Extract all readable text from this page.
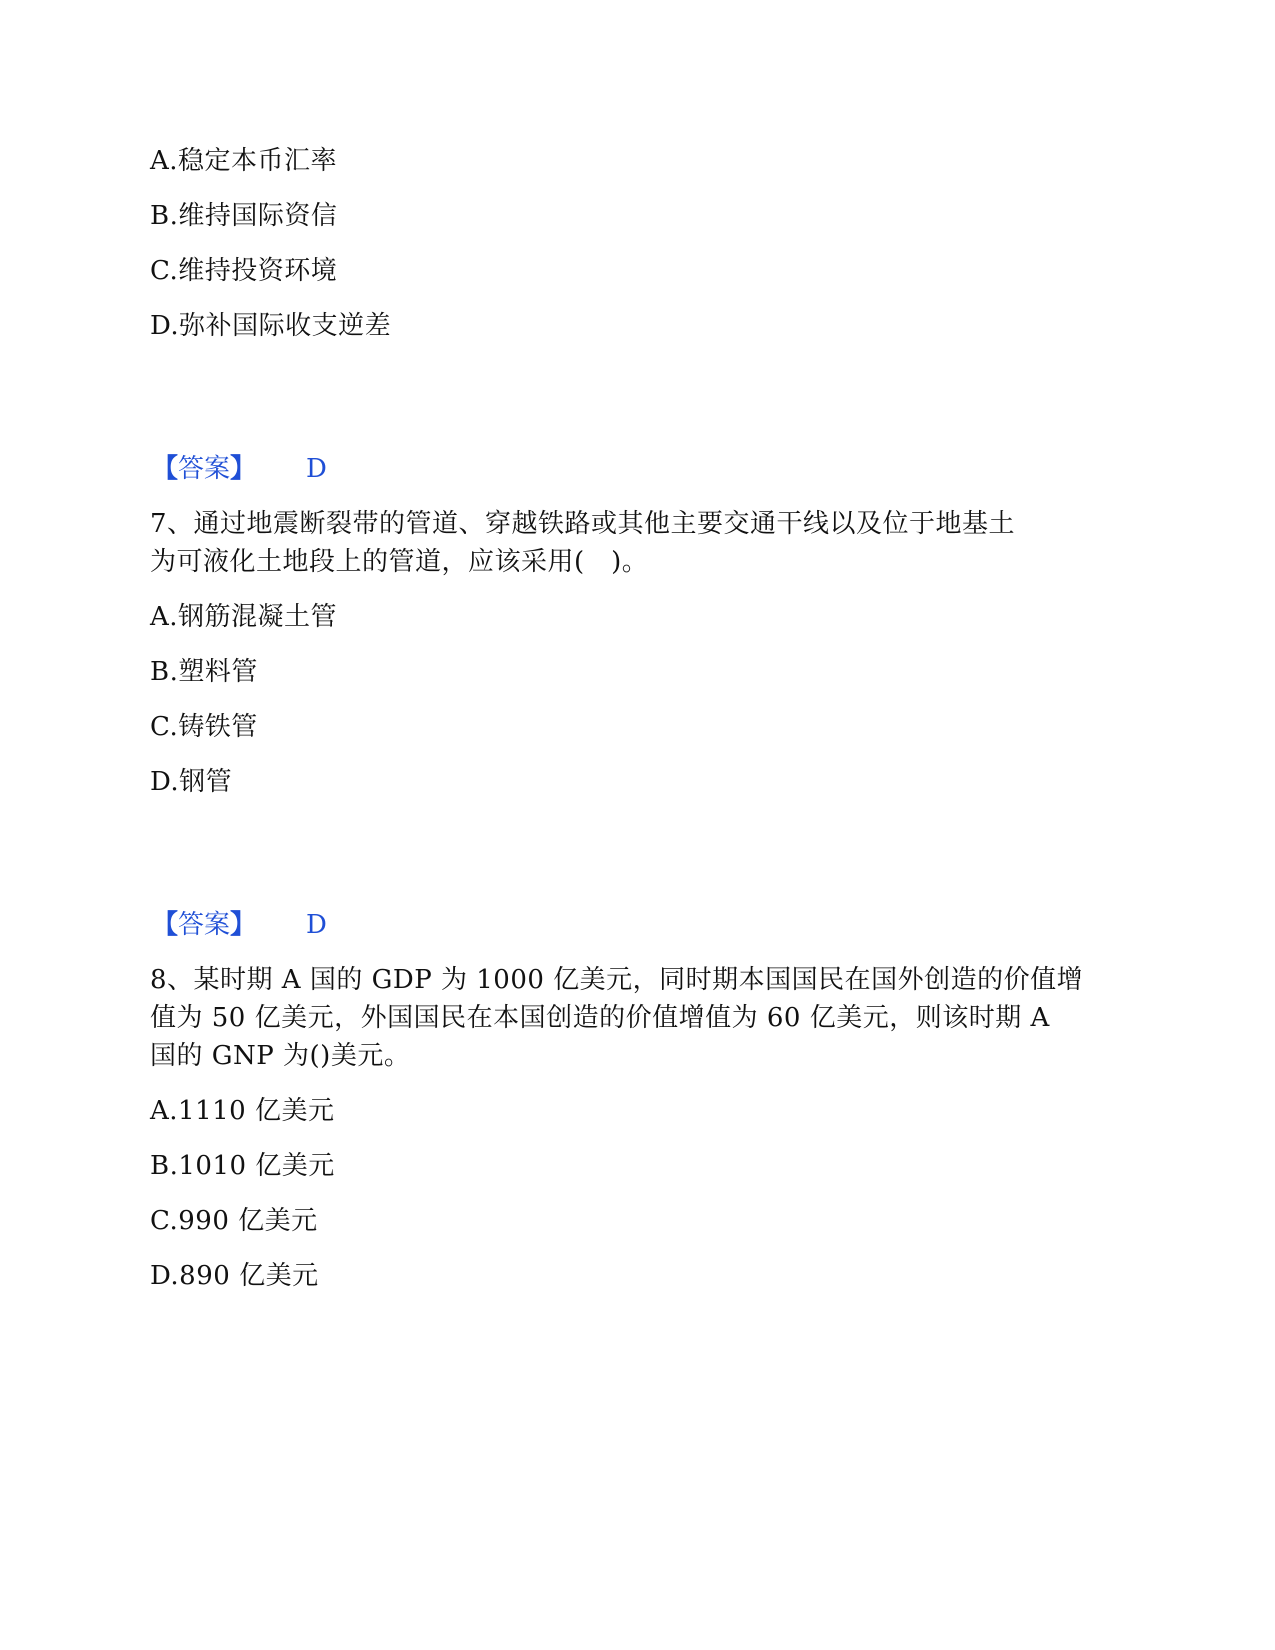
A.稳定本币汇率
B.维持国际资信
C.维持投资环境
D.弥补国际收支逆差
【答案】 D
7、通过地震断裂带的管道、穿越铁路或其他主要交通干线以及位于地基土
为可液化土地段上的管道，应该采用(　)。
A.钢筋混凝土管
B.塑料管
C.铸铁管
D.钢管
【答案】 D
8、某时期 A 国的 GDP 为 1000 亿美元，同时期本国国民在国外创造的价值增
值为 50 亿美元，外国国民在本国创造的价值增值为 60 亿美元，则该时期 A
国的 GNP 为()美元。
A.1110 亿美元
B.1010 亿美元
C.990 亿美元
D.890 亿美元
